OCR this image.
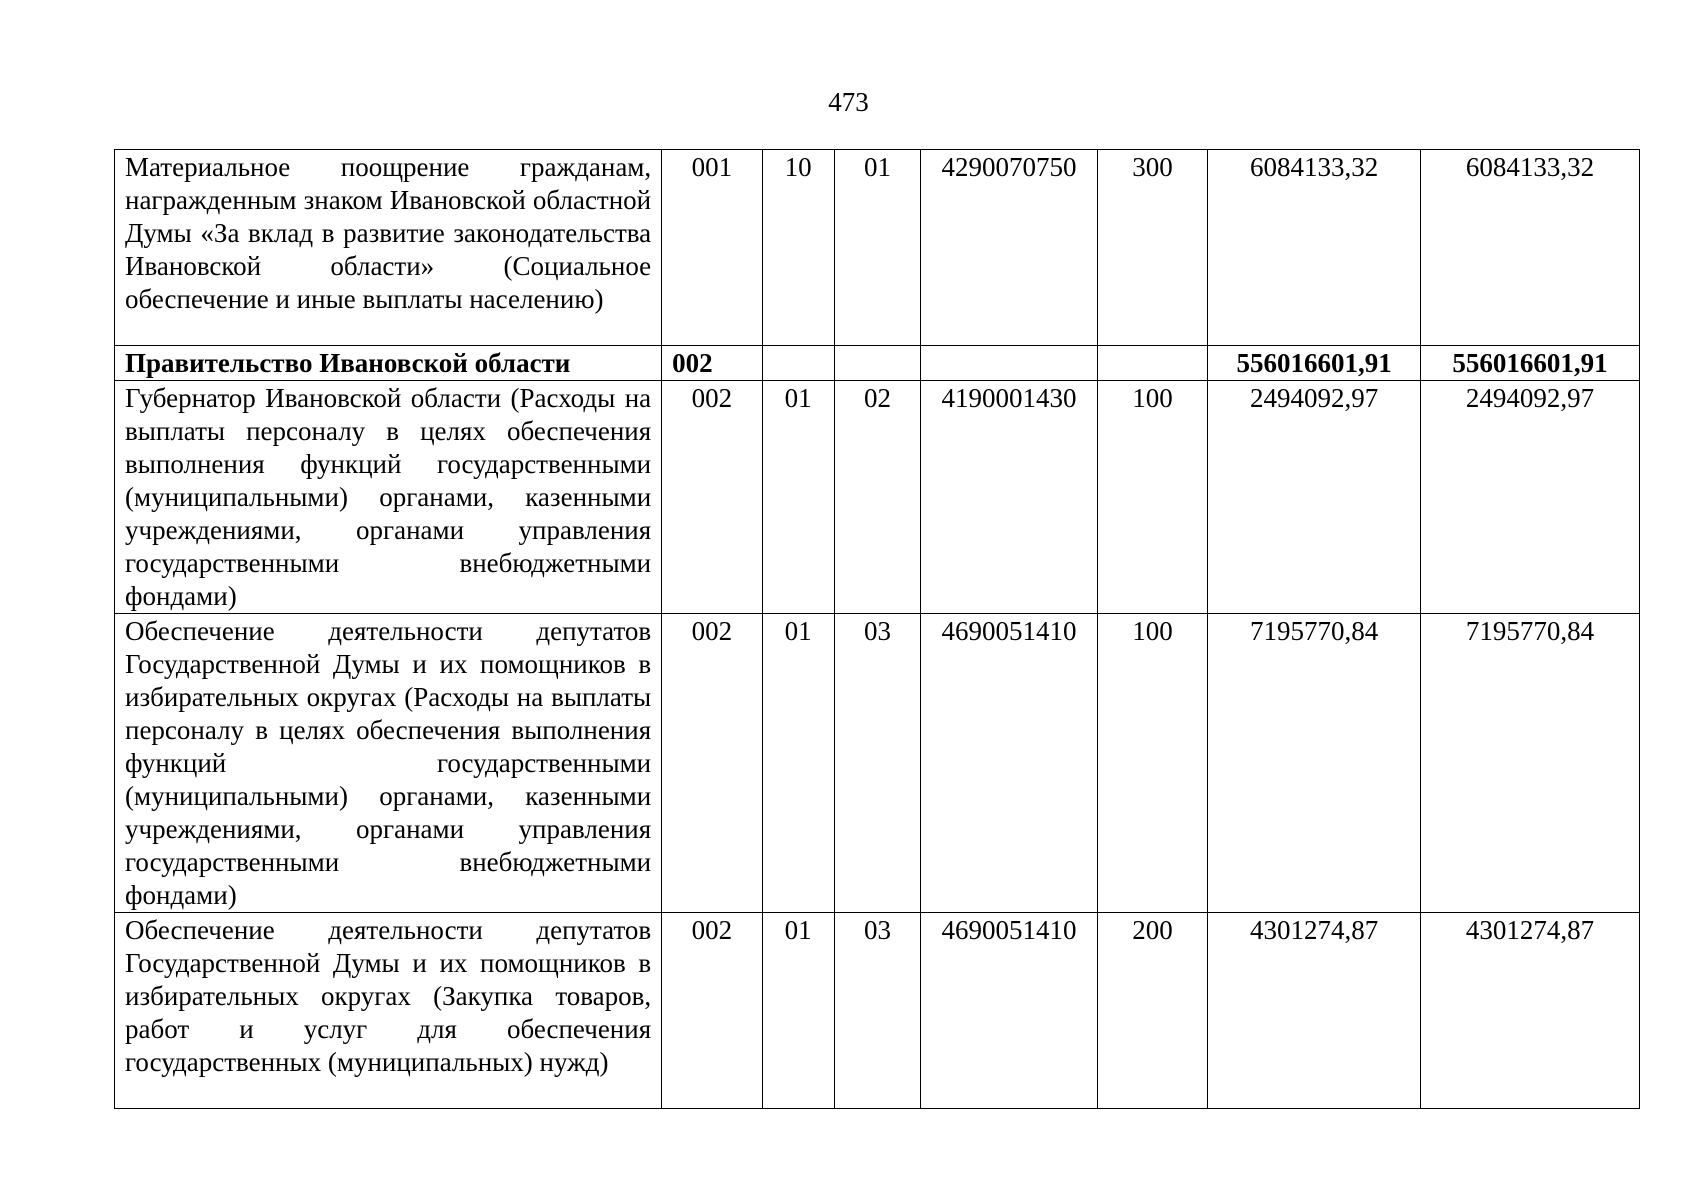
473
Материальное поощрение гражданам, награжденным знаком Ивановской областной Думы «За вклад в развитие законодательства Ивановской области» (Социальное обеспечение и иные выплаты населению)	001	10	01	4290070750	300	6084133,32	6084133,32
Правительство Ивановской области	002					556016601,91	556016601,91
Губернатор Ивановской области (Расходы на выплаты персоналу в целях обеспечения выполнения функций государственными (муниципальными) органами, казенными учреждениями, органами управления государственными внебюджетными фондами)	002	01	02	4190001430	100	2494092,97	2494092,97
Обеспечение деятельности депутатов Государственной Думы и их помощников в избирательных округах (Расходы на выплаты персоналу в целях обеспечения выполнения функций государственными (муниципальными) органами, казенными учреждениями, органами управления государственными внебюджетными фондами)	002	01	03	4690051410	100	7195770,84	7195770,84
Обеспечение деятельности депутатов Государственной Думы и их помощников в избирательных округах (Закупка товаров, работ и услуг для обеспечения государственных (муниципальных) нужд)	002	01	03	4690051410	200	4301274,87	4301274,87
